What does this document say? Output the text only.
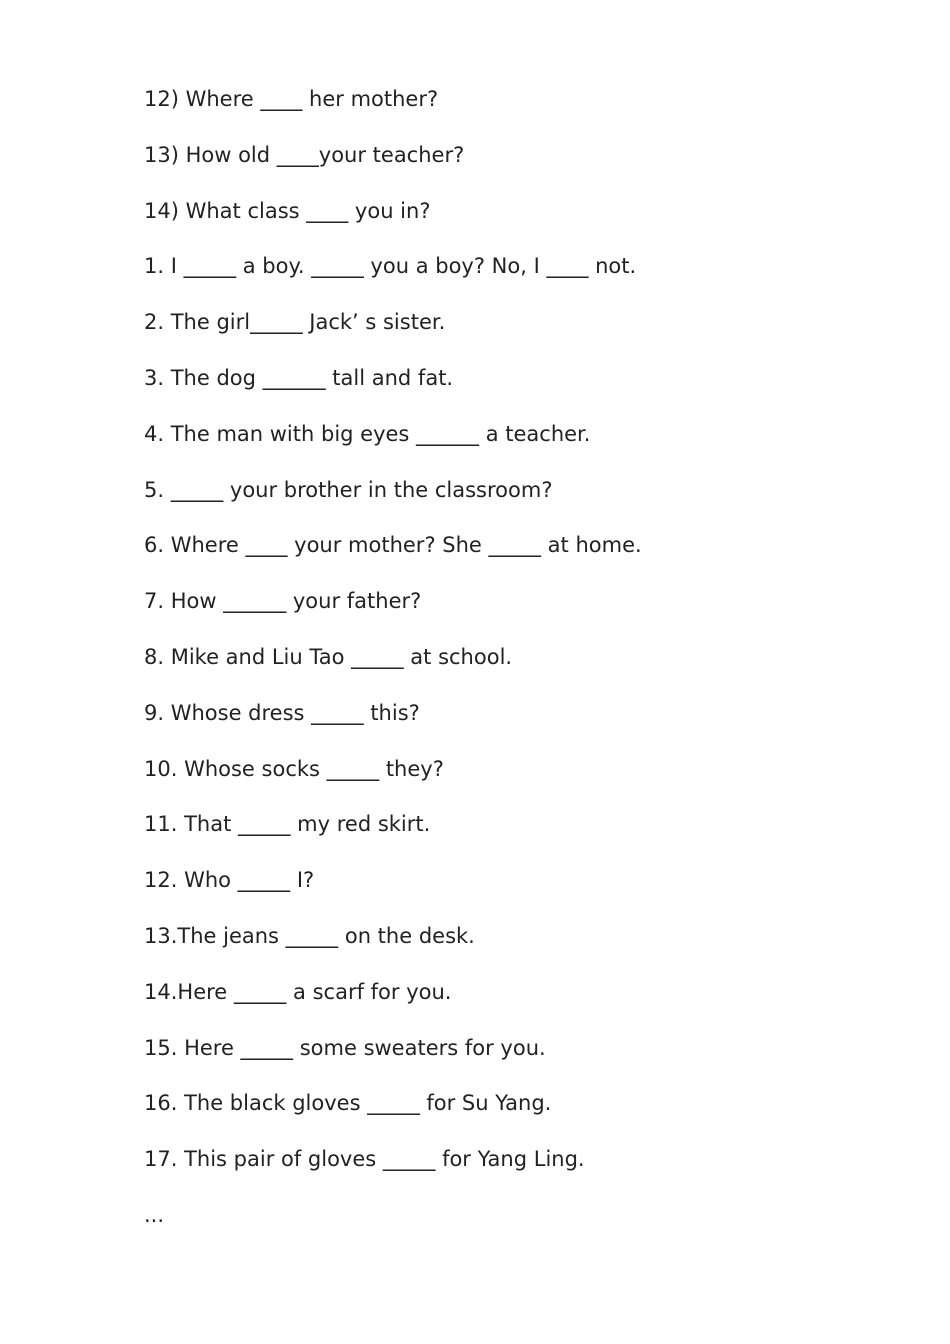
12) Where ____ her mother?
13) How old ____your teacher?
14) What class ____ you in?
1. I _____ a boy. _____ you a boy? No, I ____ not.
2. The girl_____ Jack’ s sister.
3. The dog ______ tall and fat.
4. The man with big eyes ______ a teacher.
5. _____ your brother in the classroom?
6. Where ____ your mother? She _____ at home.
7. How ______ your father?
8. Mike and Liu Tao _____ at school.
9. Whose dress _____ this?
10. Whose socks _____ they?
11. That _____ my red skirt.
12. Who _____ I?
13.The jeans _____ on the desk.
14.Here _____ a scarf for you.
15. Here _____ some sweaters for you.
16. The black gloves _____ for Su Yang.
17. This pair of gloves _____ for Yang Ling.
...
